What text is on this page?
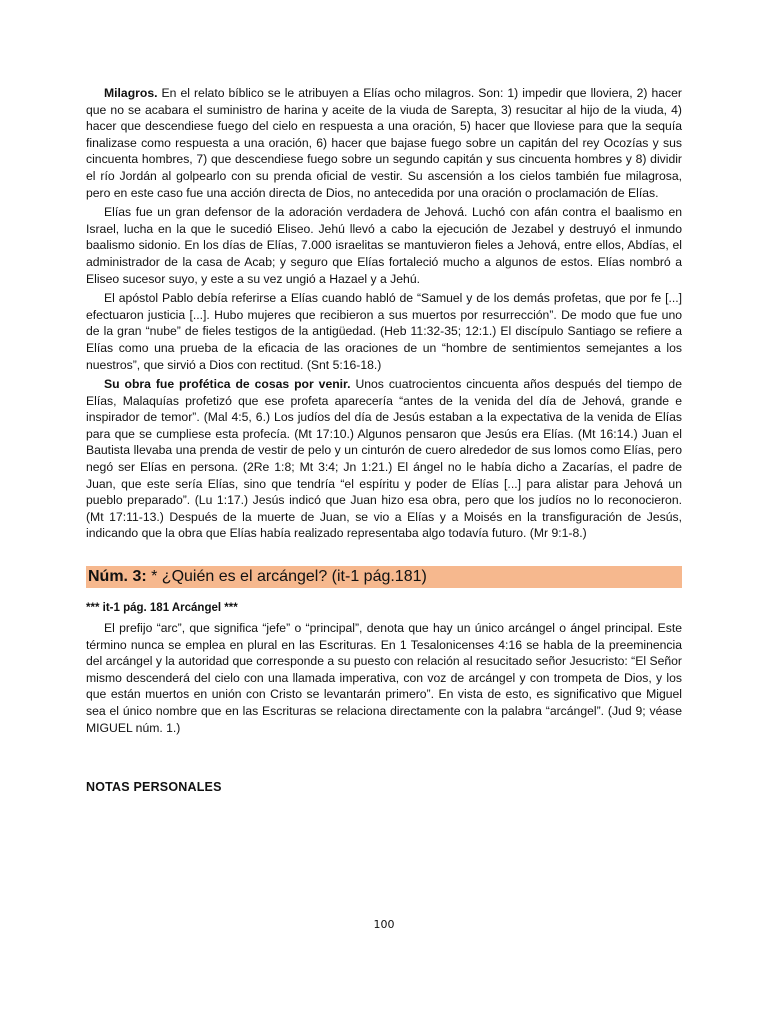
Milagros. En el relato bíblico se le atribuyen a Elías ocho milagros. Son: 1) impedir que lloviera, 2) hacer que no se acabara el suministro de harina y aceite de la viuda de Sarepta, 3) resucitar al hijo de la viuda, 4) hacer que descendiese fuego del cielo en respuesta a una oración, 5) hacer que lloviese para que la sequía finalizase como respuesta a una oración, 6) hacer que bajase fuego sobre un capitán del rey Ocozías y sus cincuenta hombres, 7) que descendiese fuego sobre un segundo capitán y sus cincuenta hombres y 8) dividir el río Jordán al golpearlo con su prenda oficial de vestir. Su ascensión a los cielos también fue milagrosa, pero en este caso fue una acción directa de Dios, no antecedida por una oración o proclamación de Elías.

Elías fue un gran defensor de la adoración verdadera de Jehová. Luchó con afán contra el baalismo en Israel, lucha en la que le sucedió Eliseo. Jehú llevó a cabo la ejecución de Jezabel y destruyó el inmundo baalismo sidonio. En los días de Elías, 7.000 israelitas se mantuvieron fieles a Jehová, entre ellos, Abdías, el administrador de la casa de Acab; y seguro que Elías fortaleció mucho a algunos de estos. Elías nombró a Eliseo sucesor suyo, y este a su vez ungió a Hazael y a Jehú.

El apóstol Pablo debía referirse a Elías cuando habló de “Samuel y de los demás profetas, que por fe [...] efectuaron justicia [...]. Hubo mujeres que recibieron a sus muertos por resurrección”. De modo que fue uno de la gran “nube” de fieles testigos de la antigüedad. (Heb 11:32-35; 12:1.) El discípulo Santiago se refiere a Elías como una prueba de la eficacia de las oraciones de un “hombre de sentimientos semejantes a los nuestros”, que sirvió a Dios con rectitud. (Snt 5:16-18.)

Su obra fue profética de cosas por venir. Unos cuatrocientos cincuenta años después del tiempo de Elías, Malaquías profetizó que ese profeta aparecería “antes de la venida del día de Jehová, grande e inspirador de temor”. (Mal 4:5, 6.) Los judíos del día de Jesús estaban a la expectativa de la venida de Elías para que se cumpliese esta profecía. (Mt 17:10.) Algunos pensaron que Jesús era Elías. (Mt 16:14.) Juan el Bautista llevaba una prenda de vestir de pelo y un cinturón de cuero alrededor de sus lomos como Elías, pero negó ser Elías en persona. (2Re 1:8; Mt 3:4; Jn 1:21.) El ángel no le había dicho a Zacarías, el padre de Juan, que este sería Elías, sino que tendría “el espíritu y poder de Elías [...] para alistar para Jehová un pueblo preparado”. (Lu 1:17.) Jesús indicó que Juan hizo esa obra, pero que los judíos no lo reconocieron. (Mt 17:11-13.) Después de la muerte de Juan, se vio a Elías y a Moisés en la transfiguración de Jesús, indicando que la obra que Elías había realizado representaba algo todavía futuro. (Mr 9:1-8.)

Núm. 3: * ¿Quién es el arcángel? (it-1 pág.181)
*** it-1 pág. 181 Arcángel ***

El prefijo “arc”, que significa “jefe” o “principal”, denota que hay un único arcángel o ángel principal. Este término nunca se emplea en plural en las Escrituras. En 1 Tesalonicenses 4:16 se habla de la preeminencia del arcángel y la autoridad que corresponde a su puesto con relación al resucitado señor Jesucristo: “El Señor mismo descenderá del cielo con una llamada imperativa, con voz de arcángel y con trompeta de Dios, y los que están muertos en unión con Cristo se levantarán primero”. En vista de esto, es significativo que Miguel sea el único nombre que en las Escrituras se relaciona directamente con la palabra “arcángel”. (Jud 9; véase MIGUEL núm. 1.)

NOTAS PERSONALES
100
